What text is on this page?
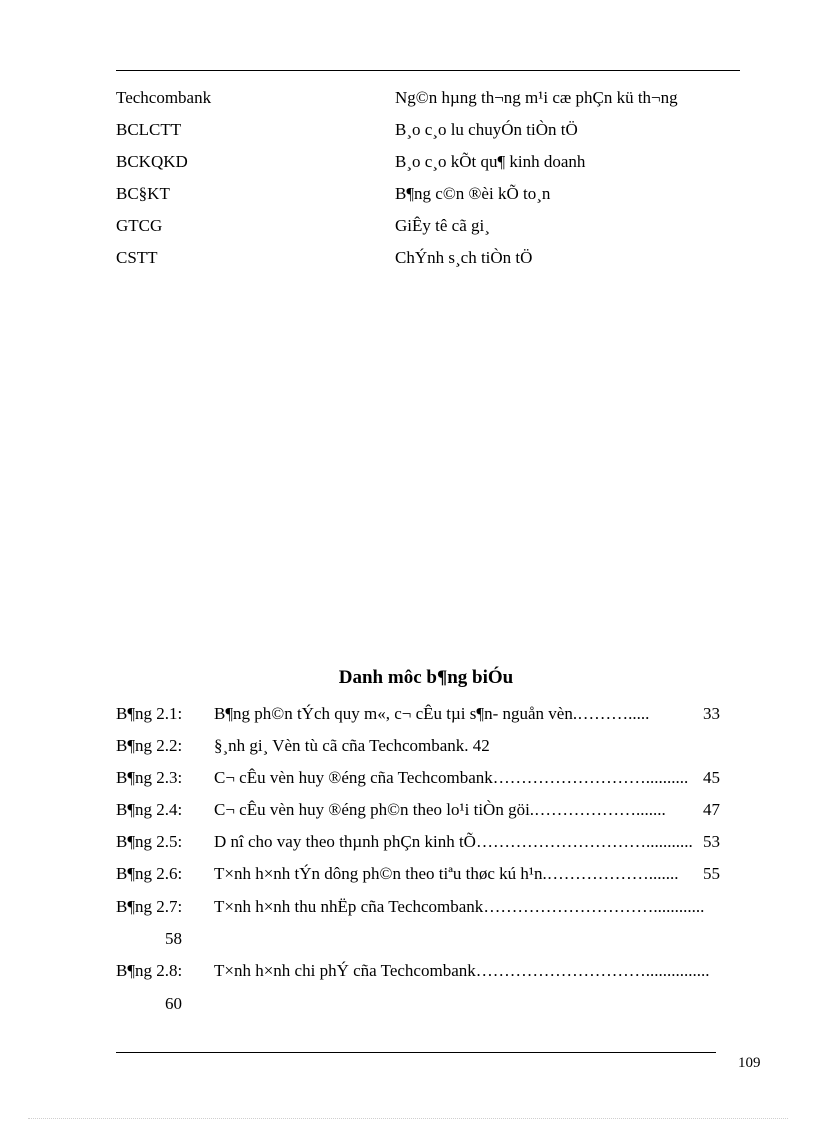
Techcombank	Ng©n hµng th¬ng m¹i cæ phÇn kü th¬ng
BCLCTT	B¸o c¸o lu chuyÓn tiÒn tÖ
BCKQKD	B¸o c¸o kÕt qu¶ kinh doanh
BC§KT	B¶ng c©n ®èi kÕ to¸n
GTCG	GiÊy tê cã gi¸
CSTT	ChÝnh s¸ch tiÒn tÖ
Danh môc b¶ng biÓu
B¶ng 2.1: B¶ng ph©n tÝch quy m«, c¬ cÊu tµi s¶n- nguån vèn. ……….....	33
B¶ng 2.2: §¸nh gi¸ Vèn tù cã cña Techcombank. 42
B¶ng 2.3: C¬ cÊu vèn huy ®éng cña Techcombank ……………………….......... 45
B¶ng 2.4: C¬ cÊu vèn huy ®éng ph©n theo lo¹i tiÒn göi. ……………….......	47
B¶ng 2.5: D nî cho vay theo thµnh phÇn kinh tÕ …………………………........... 53
B¶ng 2.6: T×nh h×nh tÝn dông ph©n theo tiªu thøc kú h¹n. ……………….......	55
B¶ng 2.7: T×nh h×nh thu nhËp cña Techcombank …………………………............
58
B¶ng 2.8: T×nh h×nh chi phÝ cña Techcombank …………………………...............
60
109
